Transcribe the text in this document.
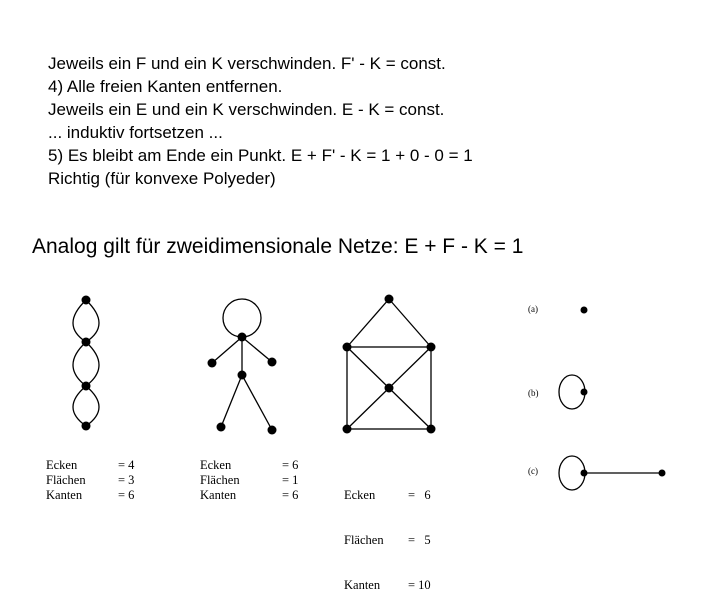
Jeweils ein F und ein K verschwinden. F' - K = const.
4) Alle freien Kanten entfernen.
Jeweils ein E und ein K verschwinden. E - K = const.
... induktiv fortsetzen ...
5) Es bleibt am Ende ein Punkt. E + F' - K = 1 + 0 - 0 = 1
Richtig (für konvexe Polyeder)
Analog gilt für zweidimensionale Netze: E + F - K = 1
(a)
(b)
(c)
Ecken	= 4
Flächen	= 3
Kanten	= 6
Ecken	= 6
Flächen	= 1
Kanten	= 6

	Ecken	=   6

Flächen =   5

Kanten = 10
